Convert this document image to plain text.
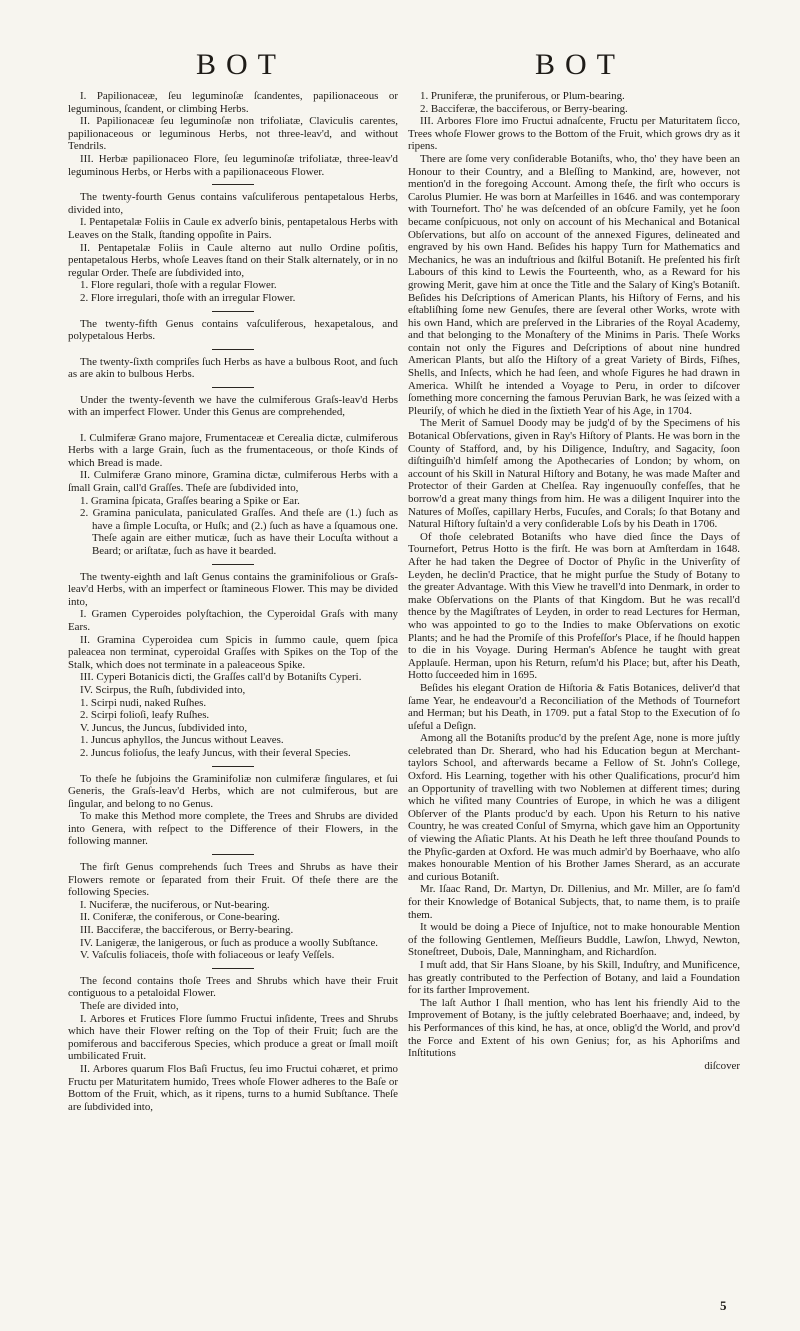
BOT	BOT

I. Papilionaceæ, ſeu leguminoſæ ſcandentes, papilionaceous or leguminous, ſcandent, or climbing Herbs.

II. Papilionaceæ ſeu leguminoſæ non trifoliatæ, Claviculis carentes, papilionaceous or leguminous Herbs, not three-leav'd, and without Tendrils.

III. Herbæ papilionaceo Flore, ſeu leguminoſæ trifoliatæ, three-leav'd leguminous Herbs, or Herbs with a papilionaceous Flower.

The twenty-fourth Genus contains vaſculiferous pentapetalous Herbs, divided into,

I. Pentapetalæ Foliis in Caule ex adverſo binis, pentapetalous Herbs with Leaves on the Stalk, ſtanding oppoſite in Pairs.

II. Pentapetalæ Foliis in Caule alterno aut nullo Ordine poſitis, pentapetalous Herbs, whoſe Leaves ſtand on their Stalk alternately, or in no regular Order. Theſe are ſubdivided into,

1. Flore regulari, thoſe with a regular Flower.

2. Flore irregulari, thoſe with an irregular Flower.

The twenty-fifth Genus contains vaſculiferous, hexapetalous, and polypetalous Herbs.

The twenty-ſixth compriſes ſuch Herbs as have a bulbous Root, and ſuch as are akin to bulbous Herbs.

Under the twenty-ſeventh we have the culmiferous Graſs-leav'd Herbs with an imperfect Flower. Under this Genus are comprehended,

I. Culmiferæ Grano majore, Frumentaceæ et Cerealia dictæ, culmiferous Herbs with a large Grain, ſuch as the frumentaceous, or thoſe Kinds of which Bread is made.

II. Culmiferæ Grano minore, Gramina dictæ, culmiferous Herbs with a ſmall Grain, call'd Graſſes. Theſe are ſubdivided into,

1. Gramina ſpicata, Graſſes bearing a Spike or Ear.

2. Gramina paniculata, paniculated Graſſes. And theſe are (1.) ſuch as have a ſimple Locuſta, or Huſk; and (2.) ſuch as have a ſquamous one. Theſe again are either muticæ, ſuch as have their Locuſta without a Beard; or ariſtatæ, ſuch as have it bearded.

The twenty-eighth and laſt Genus contains the graminifolious or Graſs-leav'd Herbs, with an imperfect or ſtamineous Flower. This may be divided into,

I. Gramen Cyperoides polyſtachion, the Cyperoidal Graſs with many Ears.

II. Gramina Cyperoidea cum Spicis in ſummo caule, quem ſpica paleacea non terminat, cyperoidal Graſſes with Spikes on the Top of the Stalk, which does not terminate in a paleaceous Spike.

III. Cyperi Botanicis dicti, the Graſſes call'd by Botaniſts Cyperi.

IV. Scirpus, the Ruſh, ſubdivided into,

1. Scirpi nudi, naked Ruſhes.

2. Scirpi folioſi, leafy Ruſhes.

V. Juncus, the Juncus, ſubdivided into,

1. Juncus aphyllos, the Juncus without Leaves.

2. Juncus folioſus, the leafy Juncus, with their ſeveral Species.

To theſe he ſubjoins the Graminifoliæ non culmiferæ ſingulares, et ſui Generis, the Graſs-leav'd Herbs, which are not culmiferous, but are ſingular, and belong to no Genus.

To make this Method more complete, the Trees and Shrubs are divided into Genera, with reſpect to the Difference of their Flowers, in the following manner.

The firſt Genus comprehends ſuch Trees and Shrubs as have their Flowers remote or ſeparated from their Fruit. Of theſe there are the following Species.

I. Nuciferæ, the nuciferous, or Nut-bearing.

II. Coniferæ, the coniferous, or Cone-bearing.

III. Bacciferæ, the bacciferous, or Berry-bearing.

IV. Lanigeræ, the lanigerous, or ſuch as produce a woolly Subſtance.

V. Vaſculis foliaceis, thoſe with foliaceous or leafy Veſſels.

The ſecond contains thoſe Trees and Shrubs which have their Fruit contiguous to a petaloidal Flower.

Theſe are divided into,

I. Arbores et Frutices Flore ſummo Fructui inſidente, Trees and Shrubs which have their Flower reſting on the Top of their Fruit; ſuch are the pomiferous and bacciferous Species, which produce a great or ſmall moiſt umbilicated Fruit.

II. Arbores quarum Flos Baſi Fructus, ſeu imo Fructui cohæret, et primo Fructu per Maturitatem humido, Trees whoſe Flower adheres to the Baſe or Bottom of the Fruit, which, as it ripens, turns to a humid Subſtance. Theſe are ſubdivided into,

1. Pruniferæ, the pruniferous, or Plum-bearing.

2. Bacciferæ, the bacciferous, or Berry-bearing.

III. Arbores Flore imo Fructui adnaſcente, Fructu per Maturitatem ſicco, Trees whoſe Flower grows to the Bottom of the Fruit, which grows dry as it ripens.

There are ſome very conſiderable Botaniſts, who, tho' they have been an Honour to their Country, and a Bleſſing to Mankind, are, however, not mention'd in the foregoing Account. Among theſe, the firſt who occurs is Carolus Plumier. He was born at Marſeilles in 1646. and was contemporary with Tournefort. Tho' he was deſcended of an obſcure Family, yet he ſoon became conſpicuous, not only on account of his Mechanical and Botanical Obſervations, but alſo on account of the annexed Figures, delineated and engraved by his own Hand. Beſides his happy Turn for Mathematics and Mechanics, he was an induſtrious and ſkilful Botaniſt. He preſented his firſt Labours of this kind to Lewis the Fourteenth, who, as a Reward for his growing Merit, gave him at once the Title and the Salary of King's Botaniſt. Beſides his Deſcriptions of American Plants, his Hiſtory of Ferns, and his eſtabliſhing ſome new Genuſes, there are ſeveral other Works, wrote with his own Hand, which are preſerved in the Libraries of the Royal Academy, and that belonging to the Monaſtery of the Minims in Paris. Theſe Works contain not only the Figures and Deſcriptions of about nine hundred American Plants, but alſo the Hiſtory of a great Variety of Birds, Fiſhes, Shells, and Inſects, which he had ſeen, and whoſe Figures he had drawn in America. Whilſt he intended a Voyage to Peru, in order to diſcover ſomething more concerning the famous Peruvian Bark, he was ſeized with a Pleuriſy, of which he died in the ſixtieth Year of his Age, in 1704.

The Merit of Samuel Doody may be judg'd of by the Specimens of his Botanical Obſervations, given in Ray's Hiſtory of Plants. He was born in the County of Stafford, and, by his Diligence, Induſtry, and Sagacity, ſoon diſtinguiſh'd himſelf among the Apothecaries of London; by whom, on account of his Skill in Natural Hiſtory and Botany, he was made Maſter and Protector of their Garden at Chelſea. Ray ingenuouſly confeſſes, that he borrow'd a great many things from him. He was a diligent Inquirer into the Natures of Moſſes, capillary Herbs, Fucuſes, and Corals; ſo that Botany and Natural Hiſtory ſuſtain'd a very conſiderable Loſs by his Death in 1706.

Of thoſe celebrated Botaniſts who have died ſince the Days of Tournefort, Petrus Hotto is the firſt. He was born at Amſterdam in 1648. After he had taken the Degree of Doctor of Phyſic in the Univerſity of Leyden, he declin'd Practice, that he might purſue the Study of Botany to the greater Advantage. With this View he travell'd into Denmark, in order to make Obſervations on the Plants of that Kingdom. But he was recall'd thence by the Magiſtrates of Leyden, in order to read Lectures for Herman, who was appointed to go to the Indies to make Obſervations on exotic Plants; and he had the Promiſe of this Profeſſor's Place, if he ſhould happen to die in his Voyage. During Herman's Abſence he taught with great Applauſe. Herman, upon his Return, reſum'd his Place; but, after his Death, Hotto ſucceeded him in 1695.

Beſides his elegant Oration de Hiſtoria & Fatis Botanices, deliver'd that ſame Year, he endeavour'd a Reconciliation of the Methods of Tournefort and Herman; but his Death, in 1709. put a fatal Stop to the Execution of ſo uſeful a Deſign.

Among all the Botaniſts produc'd by the preſent Age, none is more juſtly celebrated than Dr. Sherard, who had his Education begun at Merchant-taylors School, and afterwards became a Fellow of St. John's College, Oxford. His Learning, together with his other Qualifications, procur'd him an Opportunity of travelling with two Noblemen at different times; during which he viſited many Countries of Europe, in which he was a diligent Obſerver of the Plants produc'd by each. Upon his Return to his native Country, he was created Conſul of Smyrna, which gave him an Opportunity of viewing the Aſiatic Plants. At his Death he left three thouſand Pounds to the Phyſic-garden at Oxford. He was much admir'd by Boerhaave, who alſo makes honourable Mention of his Brother James Sherard, as an accurate and curious Botaniſt.

Mr. Iſaac Rand, Dr. Martyn, Dr. Dillenius, and Mr. Miller, are ſo fam'd for their Knowledge of Botanical Subjects, that, to name them, is to praiſe them.

It would be doing a Piece of Injuſtice, not to make honourable Mention of the following Gentlemen, Meſſieurs Buddle, Lawſon, Lhwyd, Newton, Stoneſtreet, Dubois, Dale, Manningham, and Richardſon.

I muſt add, that Sir Hans Sloane, by his Skill, Induſtry, and Munificence, has greatly contributed to the Perfection of Botany, and laid a Foundation for its farther Improvement.

The laſt Author I ſhall mention, who has lent his friendly Aid to the Improvement of Botany, is the juſtly celebrated Boerhaave; and, indeed, by his Performances of this kind, he has, at once, oblig'd the World, and prov'd the Force and Extent of his own Genius; for, as his Aphoriſms and Inſtitutions

diſcover

5
